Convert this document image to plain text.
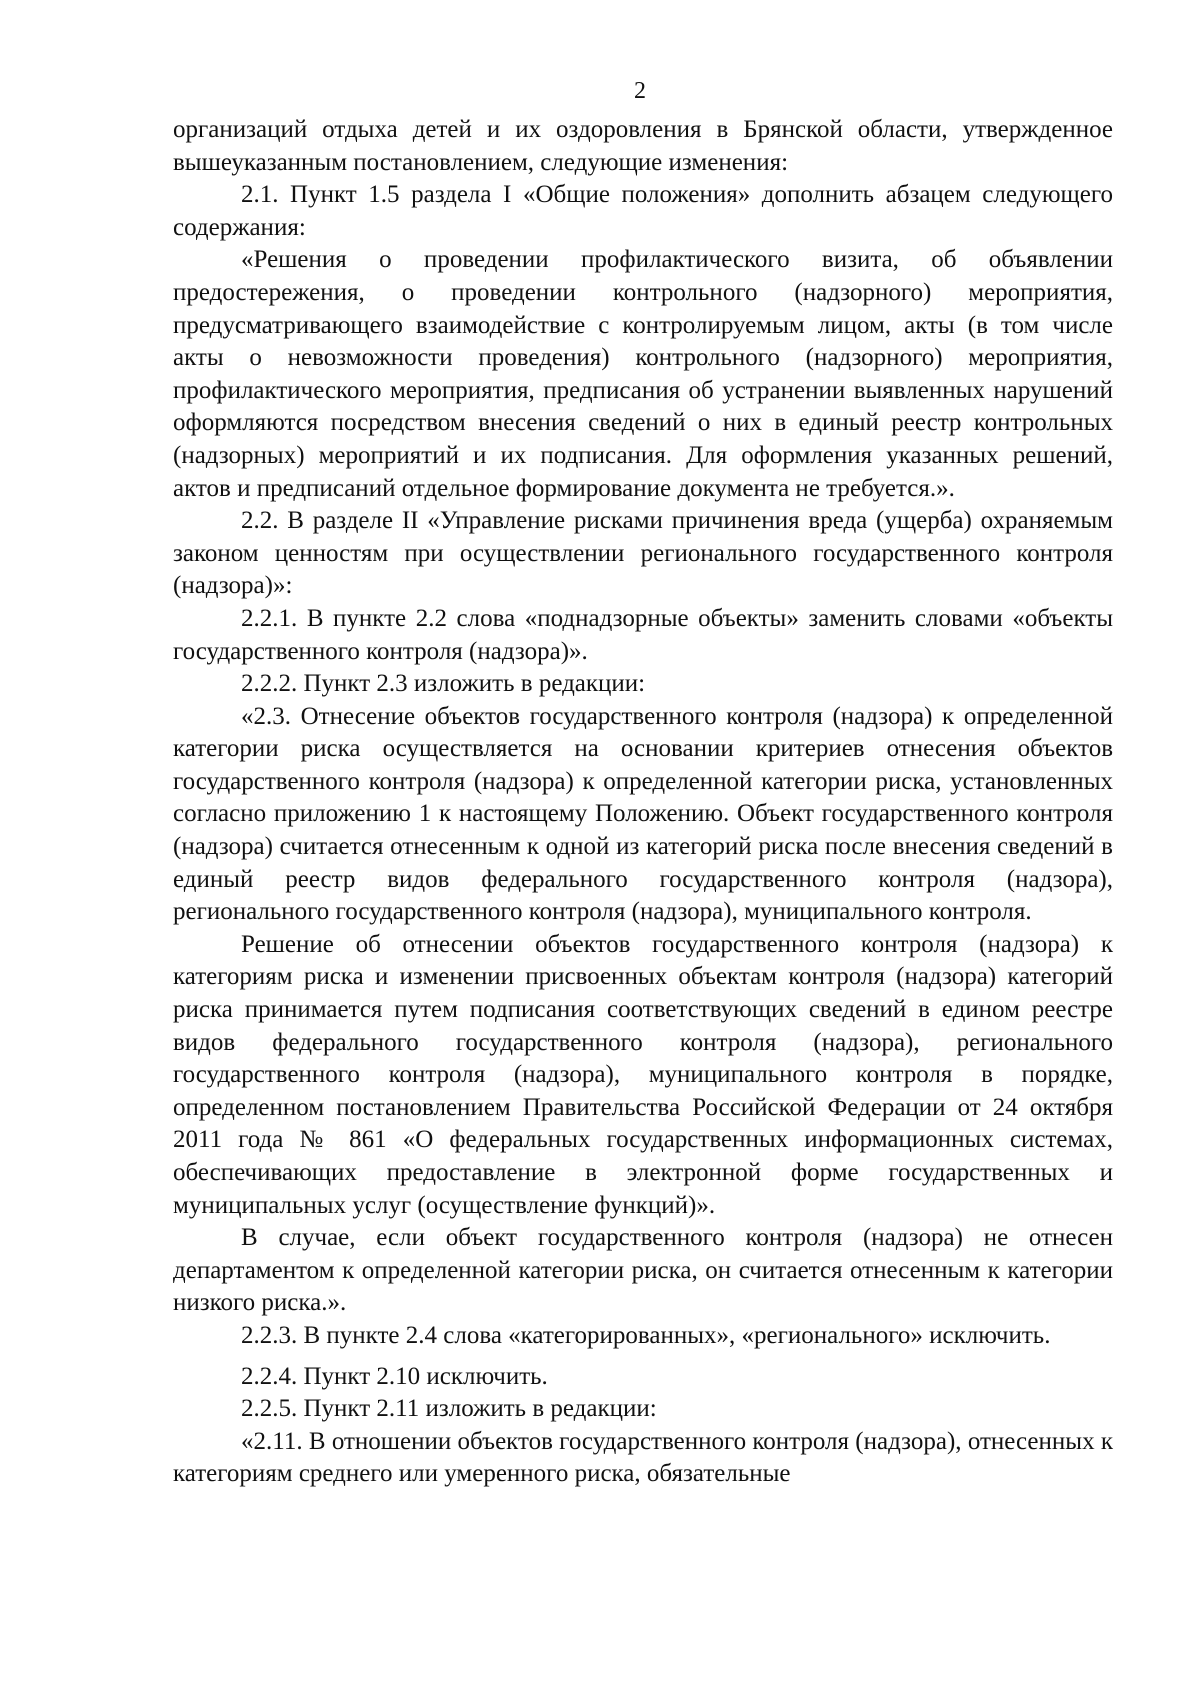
2

организаций отдыха детей и их оздоровления в Брянской области, утвержденное вышеуказанным постановлением, следующие изменения:

2.1. Пункт 1.5 раздела I «Общие положения» дополнить абзацем следующего содержания:

«Решения о проведении профилактического визита, об объявлении предостережения, о проведении контрольного (надзорного) мероприятия, предусматривающего взаимодействие с контролируемым лицом, акты (в том числе акты о невозможности проведения) контрольного (надзорного) мероприятия, профилактического мероприятия, предписания об устранении выявленных нарушений оформляются посредством внесения сведений о них в единый реестр контрольных (надзорных) мероприятий и их подписания. Для оформления указанных решений, актов и предписаний отдельное формирование документа не требуется.».

2.2. В разделе II «Управление рисками причинения вреда (ущерба) охраняемым законом ценностям при осуществлении регионального государственного контроля (надзора)»:

2.2.1. В пункте 2.2 слова «поднадзорные объекты» заменить словами «объекты государственного контроля (надзора)».

2.2.2. Пункт 2.3 изложить в редакции:

«2.3. Отнесение объектов государственного контроля (надзора) к определенной категории риска осуществляется на основании критериев отнесения объектов государственного контроля (надзора) к определенной категории риска, установленных согласно приложению 1 к настоящему Положению. Объект государственного контроля (надзора) считается отнесенным к одной из категорий риска после внесения сведений в единый реестр видов федерального государственного контроля (надзора), регионального государственного контроля (надзора), муниципального контроля.

Решение об отнесении объектов государственного контроля (надзора) к категориям риска и изменении присвоенных объектам контроля (надзора) категорий риска принимается путем подписания соответствующих сведений в едином реестре видов федерального государственного контроля (надзора), регионального государственного контроля (надзора), муниципального контроля в порядке, определенном постановлением Правительства Российской Федерации от 24 октября 2011 года № 861 «О федеральных государственных информационных системах, обеспечивающих предоставление в электронной форме государственных и муниципальных услуг (осуществление функций)».

В случае, если объект государственного контроля (надзора) не отнесен департаментом к определенной категории риска, он считается отнесенным к категории низкого риска.».

2.2.3. В пункте 2.4 слова «категорированных», «регионального» исключить.

2.2.4. Пункт 2.10 исключить.

2.2.5. Пункт 2.11 изложить в редакции:

«2.11. В отношении объектов государственного контроля (надзора), отнесенных к категориям среднего или умеренного риска, обязательные
